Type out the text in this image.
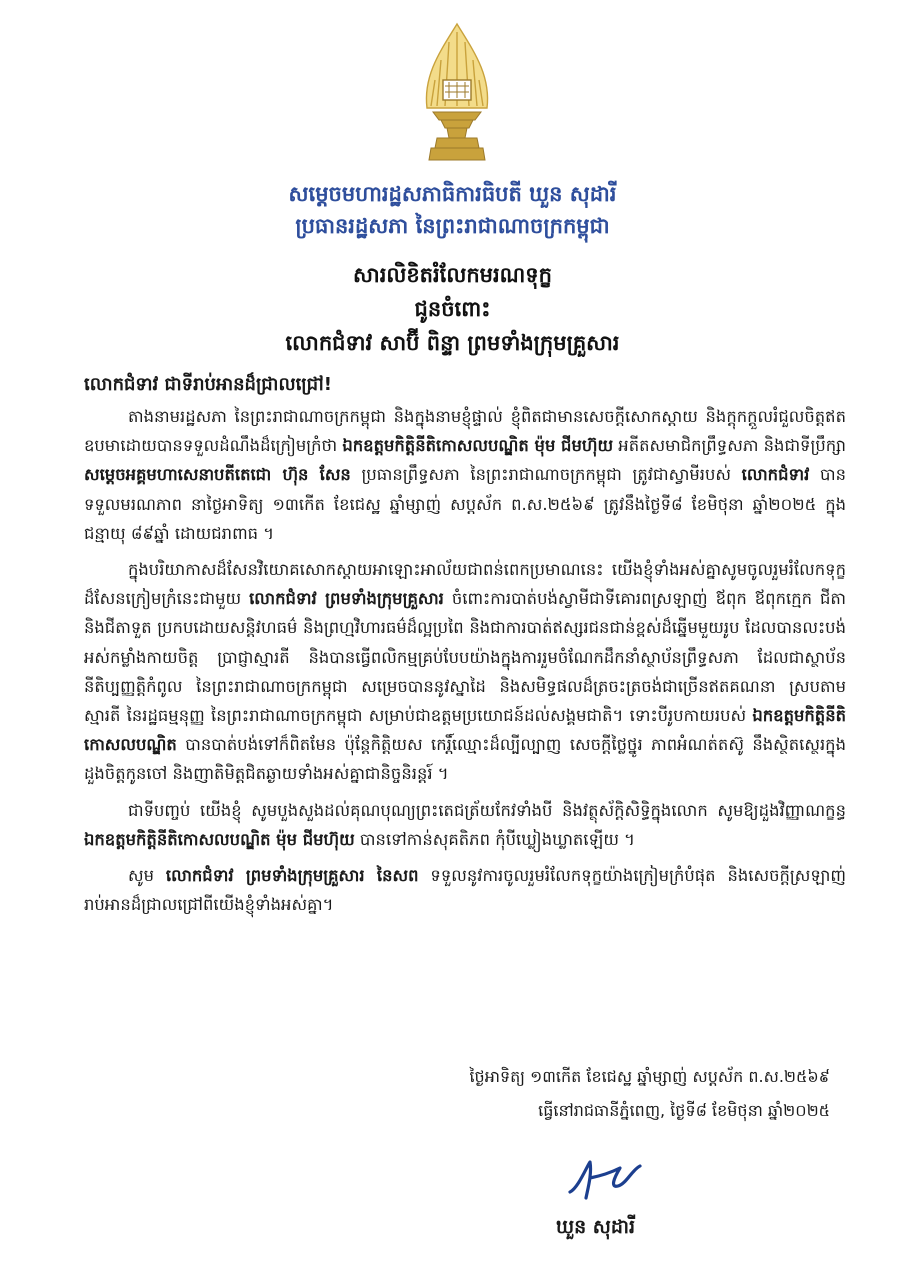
សម្តេចមហារដ្ឋសភាធិការធិបតី ឃួន សុដារី
ប្រធានរដ្ឋសភា នៃព្រះរាជាណាចក្រកម្ពុជា
សារលិខិតរំលែកមរណទុក្ខ
ជូនចំពោះ
លោកជំទាវ សាប៊ី ពិន្ទា ព្រមទាំងក្រុមគ្រួសារ
លោកជំទាវ ជាទីរាប់អានដ៏ជ្រាលជ្រៅ!

តាងនាមរដ្ឋសភា នៃព្រះរាជាណាចក្រកម្ពុជា និងក្នុងនាមខ្ញុំផ្ទាល់ ខ្ញុំពិតជាមានសេចក្តីសោកស្តាយ និងក្តុកក្តួលរំជួលចិត្តឥតឧបមាដោយបានទទួលដំណឹងដ៏ក្រៀមក្រំថា ឯកឧត្តមកិត្តិនីតិកោសលបណ្ឌិត ម៉ុម ជីមហ៊ុយ អតីតសមាជិកព្រឹទ្ធសភា និងជាទីប្រឹក្សាសម្តេចអគ្គមហាសេនាបតីតេជោ ហ៊ុន សែន ប្រធានព្រឹទ្ធសភា នៃព្រះរាជាណាចក្រកម្ពុជា ត្រូវជាស្វាមីរបស់ លោកជំទាវ បានទទួលមរណភាព នាថ្ងៃអាទិត្យ ១៣កើត ខែជេស្ឋ ឆ្នាំម្សាញ់ សប្តស័ក ព.ស.២៥៦៩ ត្រូវនឹងថ្ងៃទី៨ ខែមិថុនា ឆ្នាំ២០២៥ ក្នុងជន្មាយុ ៨៩ឆ្នាំ ដោយជរាពាធ ។

ក្នុងបរិយាកាសដ៏សែនវិយោគសោកស្តាយអាឡោះអាល័យជាពន់ពេកប្រមាណនេះ យើងខ្ញុំទាំងអស់គ្នាសូមចូលរួមរំលែកទុក្ខដ៏សែនក្រៀមក្រំនេះជាមួយ លោកជំទាវ ព្រមទាំងក្រុមគ្រួសារ ចំពោះការបាត់បង់ស្វាមីជាទីគោរពស្រឡាញ់ ឪពុក ឪពុកក្មេក ជីតា និងជីតាទួត ប្រកបដោយសន្តិវហធម៌ និងព្រហ្មវិហារធម៌ដ៏ល្អប្រពៃ និងជាការបាត់ឥស្សរជនជាន់ខ្ពស់ដ៏ឆ្នើមមួយរូប ដែលបានលះបង់អស់កម្លាំងកាយចិត្ត ប្រាជ្ញាស្មារតី និងបានធ្វើពលិកម្មគ្រប់បែបយ៉ាងក្នុងការរួមចំណែកដឹកនាំស្ថាប័នព្រឹទ្ធសភា ដែលជាស្ថាប័ននីតិប្បញ្ញត្តិកំពូល នៃព្រះរាជាណាចក្រកម្ពុជា សម្រេចបាននូវស្នាដៃ និងសមិទ្ធផលដ៏ត្រចះត្រចង់ជាច្រើនឥតគណនា ស្របតាមស្មារតី នៃរដ្ឋធម្មនុញ្ញ នៃព្រះរាជាណាចក្រកម្ពុជា សម្រាប់ជាឧត្តមប្រយោជន៍ដល់សង្គមជាតិ។ ទោះបីរូបកាយរបស់ ឯកឧត្តមកិត្តិនីតិកោសលបណ្ឌិត បានបាត់បង់ទៅក៏ពិតមែន ប៉ុន្តែកិត្តិយស កេរ្តិ៍ឈ្មោះដ៏ល្បីល្បាញ សេចក្តីថ្លៃថ្នូរ ភាពអំណត់តស៊ូ នឹងស្ថិតស្ថេរក្នុងដួងចិត្តកូនចៅ និងញាតិមិត្តជិតឆ្ងាយទាំងអស់គ្នាជានិច្ចនិរន្តរ៍ ។

ជាទីបញ្ចប់ យើងខ្ញុំ សូមបួងសួងដល់គុណបុណ្យព្រះតេជត្រ័យកែវទាំងបី និងវត្ថុស័ក្តិសិទ្ធិក្នុងលោក សូមឱ្យដួងវិញ្ញាណក្ខន្ធ ឯកឧត្តមកិត្តិនីតិកោសលបណ្ឌិត ម៉ុម ជីមហ៊ុយ បានទៅកាន់សុគតិភព កុំបីឃ្លៀងឃ្លាតឡើយ ។

សូម លោកជំទាវ ព្រមទាំងក្រុមគ្រួសារ នៃសព ទទួលនូវការចូលរួមរំលែកទុក្ខយ៉ាងក្រៀមក្រំបំផុត និងសេចក្តីស្រឡាញ់រាប់អានដ៏ជ្រាលជ្រៅពីយើងខ្ញុំទាំងអស់គ្នា។

ថ្ងៃអាទិត្យ ១៣កើត ខែជេស្ឋ ឆ្នាំម្សាញ់ សប្តស័ក ព.ស.២៥៦៩
ធ្វើនៅរាជធានីភ្នំពេញ, ថ្ងៃទី៨ ខែមិថុនា ឆ្នាំ២០២៥
ឃួន សុដារី
